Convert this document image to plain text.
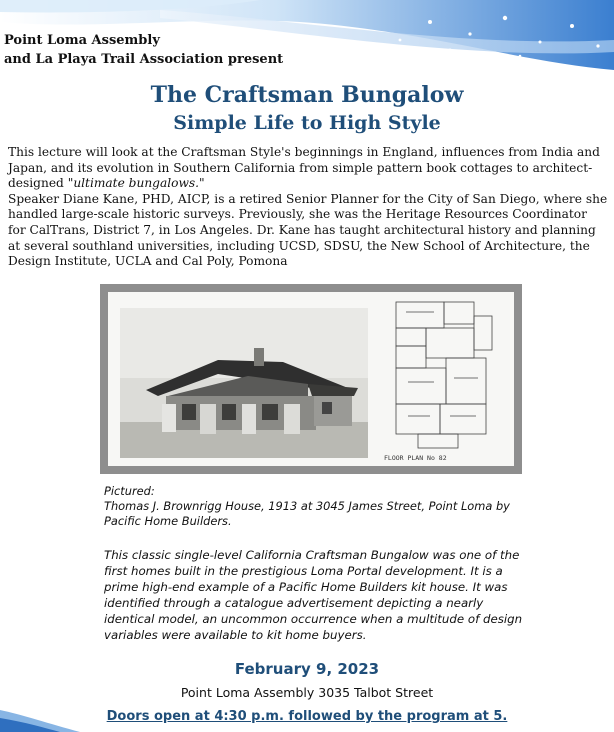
Point Loma Assembly
and La Playa Trail Association present
The Craftsman Bungalow
Simple Life to High Style
This lecture will look at the Craftsman Style's beginnings in England, influences from India and Japan, and its evolution in Southern California from simple pattern book cottages to architect-designed "ultimate bungalows."
Speaker Diane Kane, PHD, AICP, is a retired Senior Planner for the City of San Diego, where she handled large-scale historic surveys. Previously, she was the Heritage Resources Coordinator for CalTrans, District 7, in Los Angeles. Dr. Kane has taught architectural history and planning at several southland universities, including UCSD, SDSU, the New School of Architecture, the Design Institute, UCLA and Cal Poly, Pomona
FLOOR PLAN No 82
Pictured:
Thomas J. Brownrigg House, 1913 at 3045 James Street, Point Loma by Pacific Home Builders.
This classic single-level California Craftsman Bungalow was one of the first homes built in the prestigious Loma Portal development. It is a prime high-end example of a Pacific Home Builders kit house. It was identified through a catalogue advertisement depicting a nearly identical model, an uncommon occurrence when a multitude of design variables were available to kit home buyers.
February 9, 2023
Point Loma Assembly 3035 Talbot Street
Doors open at 4:30 p.m. followed by the program at 5.
